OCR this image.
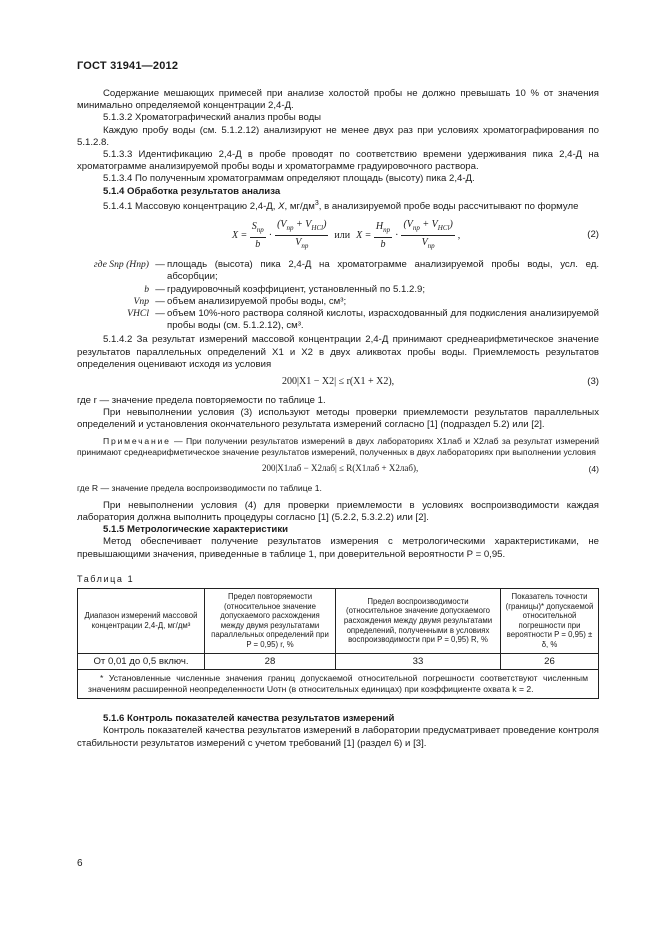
ГОСТ 31941—2012

Содержание мешающих примесей при анализе холостой пробы не должно превышать 10 % от значения минимально определяемой концентрации 2,4-Д.

5.1.3.2 Хроматографический анализ пробы воды

Каждую пробу воды (см. 5.1.2.12) анализируют не менее двух раз при условиях хроматографирования по 5.1.2.8.

5.1.3.3 Идентификацию 2,4-Д в пробе проводят по соответствию времени удерживания пика 2,4-Д на хроматограмме анализируемой пробы воды и хроматограмме градуировочного раствора.

5.1.3.4 По полученным хроматограммам определяют площадь (высоту) пика 2,4-Д.

5.1.4 Обработка результатов анализа

5.1.4.1 Массовую концентрацию 2,4-Д, X, $мг/дм^3$, в анализируемой пробе воды рассчитывают по формуле

$X = \frac{S_{пр}}{b} \cdot \frac{(V_{пр} + V_{HCl})}{V_{пр}}$ или $X = \frac{H_{пр}}{b} \cdot \frac{(V_{пр} + V_{HCl})}{V_{пр}}$ ,	(2)
где Sпр (Hпр) — площадь (высота) пика 2,4-Д на хроматограмме анализируемой пробы воды, усл. ед. абсорбции;
b — градуировочный коэффициент, установленный по 5.1.2.9;
Vпр — объем анализируемой пробы воды, см³;
VHCl — объем 10%-ного раствора соляной кислоты, израсходованный для подкисления анализируемой пробы воды (см. 5.1.2.12), см³.

5.1.4.2 За результат измерений массовой концентрации 2,4-Д принимают среднеарифметическое значение результатов параллельных определений X1 и X2 в двух аликвотах пробы воды. Приемлемость результатов определения оценивают исходя из условия

200|X1 − X2| ≤ r(X1 + X2),	(3)

где r — значение предела повторяемости по таблице 1.

При невыполнении условия (3) используют методы проверки приемлемости результатов параллельных определений и установления окончательного результата измерений согласно [1] (подраздел 5.2) или [2].

Примечание — При получении результатов измерений в двух лабораториях X1лаб и X2лаб за результат измерений принимают среднеарифметическое значение результатов измерений, полученных в двух лабораториях при выполнении условия

200|X1лаб − X2лаб| ≤ R(X1лаб + X2лаб),	(4)

где R — значение предела воспроизводимости по таблице 1.

При невыполнении условия (4) для проверки приемлемости в условиях воспроизводимости каждая лаборатория должна выполнить процедуры согласно [1] (5.2.2, 5.3.2.2) или [2].

5.1.5 Метрологические характеристики

Метод обеспечивает получение результатов измерения с метрологическими характеристиками, не превышающими значения, приведенные в таблице 1, при доверительной вероятности P = 0,95.

Таблица 1
Диапазон измерений массовой концентрации 2,4-Д, мг/дм³	Предел повторяемости (относительное значение допускаемого расхождения между двумя результатами параллельных определений при P = 0,95) r, %	Предел воспроизводимости (относительное значение допускаемого расхождения между двумя результатами определений, полученными в условиях воспроизводимости при P = 0,95) R, %	Показатель точности (границы)* допускаемой относительной погрешности при вероятности P = 0,95) ± δ, %
От 0,01 до 0,5 включ.	28	33	26
* Установленные численные значения границ допускаемой относительной погрешности соответствуют численным значениям расширенной неопределенности Uотн (в относительных единицах) при коэффициенте охвата k = 2.			

5.1.6 Контроль показателей качества результатов измерений

Контроль показателей качества результатов измерений в лаборатории предусматривает проведение контроля стабильности результатов измерений с учетом требований [1] (раздел 6) и [3].

6
